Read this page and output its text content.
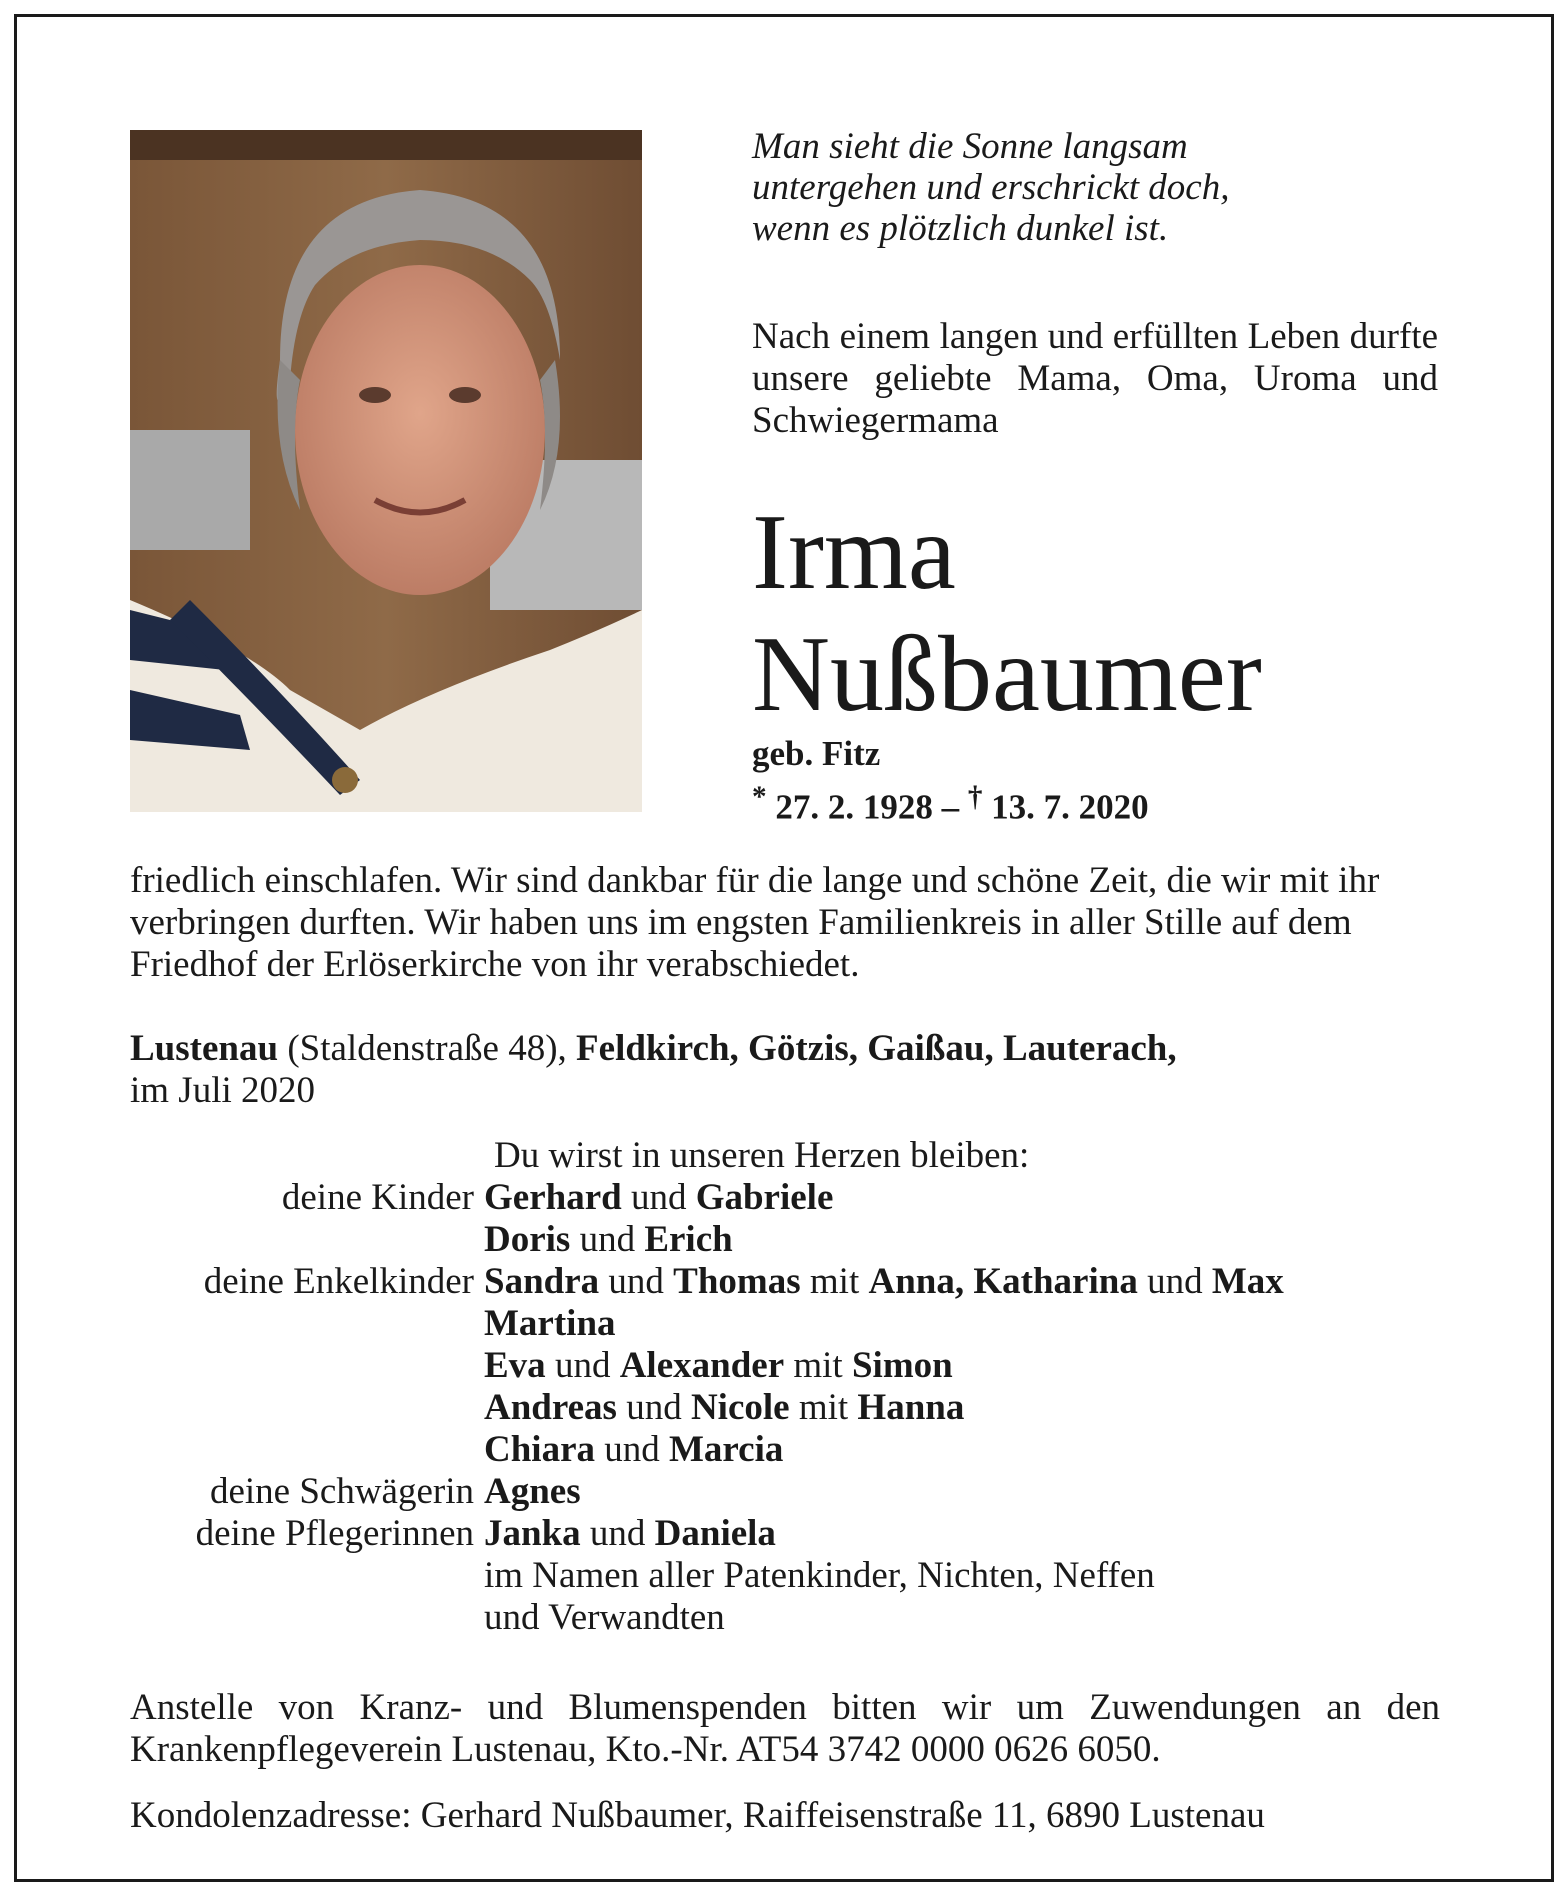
Man sieht die Sonne langsam
untergehen und erschrickt doch,
wenn es plötzlich dunkel ist.
Nach einem langen und erfüllten Leben durfte unsere geliebte Mama, Oma, Uroma und Schwiegermama
Irma
Nußbaumer
geb. Fitz
* 27. 2. 1928 – † 13. 7. 2020
friedlich einschlafen. Wir sind dankbar für die lange und schöne Zeit, die wir mit ihr verbringen durften. Wir haben uns im engsten Familienkreis in aller Stille auf dem Friedhof der Erlöserkirche von ihr verabschiedet.
Lustenau (Staldenstraße 48), Feldkirch, Götzis, Gaißau, Lauterach,
im Juli 2020
Du wirst in unseren Herzen bleiben:
deine Kinder Gerhard und Gabriele
Doris und Erich
deine Enkelkinder Sandra und Thomas mit Anna, Katharina und Max
Martina
Eva und Alexander mit Simon
Andreas und Nicole mit Hanna
Chiara und Marcia
deine Schwägerin Agnes
deine Pflegerinnen Janka und Daniela
im Namen aller Patenkinder, Nichten, Neffen
und Verwandten
Anstelle von Kranz- und Blumenspenden bitten wir um Zuwendungen an den Krankenpflegeverein Lustenau, Kto.-Nr. AT54 3742 0000 0626 6050.
Kondolenzadresse: Gerhard Nußbaumer, Raiffeisenstraße 11, 6890 Lustenau
